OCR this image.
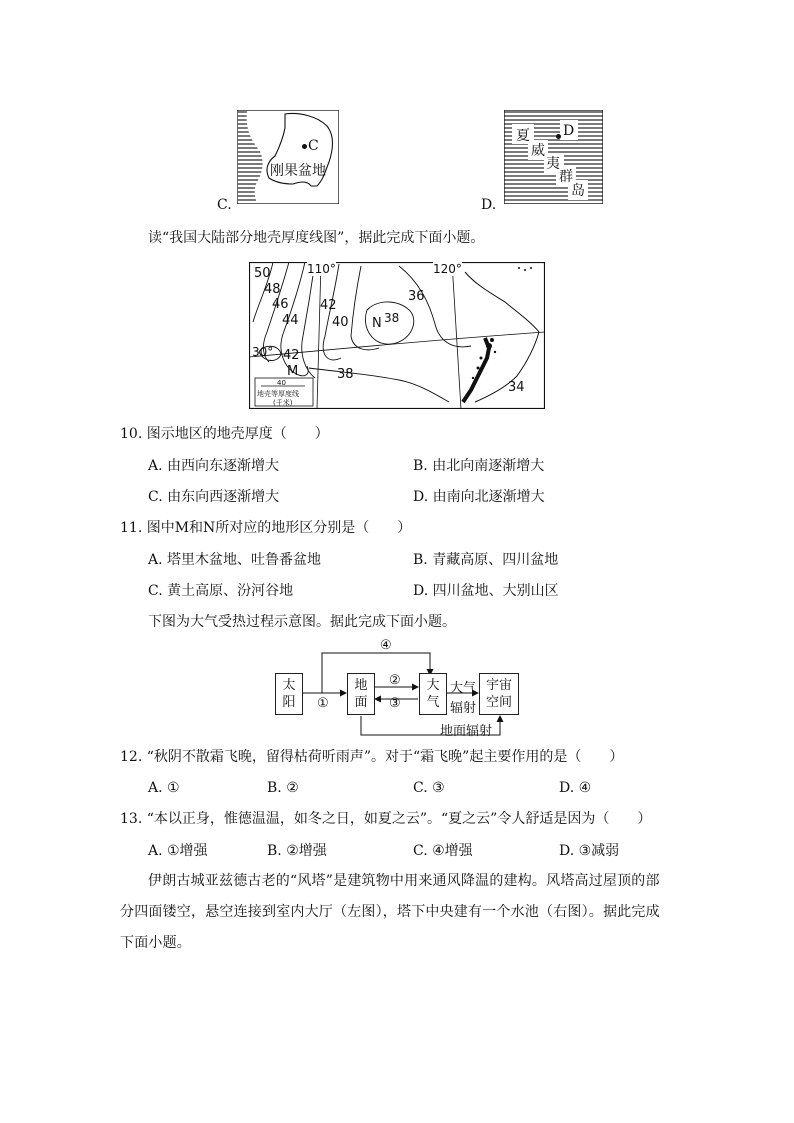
C
刚果盆地
C.
D
夏
威
夷
群
岛
D.
读“我国大陆部分地壳厚度线图”，据此完成下面小题。
50
48
46
44
42
40	38
36
34
38
42
110°	120°
30°
N
M
40
地壳等厚度线
(千米)
10. 图示地区的地壳厚度（　　）
A. 由西向东逐渐增大	B. 由北向南逐渐增大
C. 由东向西逐渐增大	D. 由南向北逐渐增大
11. 图中M和N所对应的地形区分别是（　　）
A. 塔里木盆地、吐鲁番盆地	B. 青藏高原、四川盆地
C. 黄土高原、汾河谷地	D. 四川盆地、大别山区
下图为大气受热过程示意图。据此完成下面小题。
太阳
地面
大气
宇宙空间
①
②
③
④
大气
辐射
地面辐射
12. “秋阴不散霜飞晚，留得枯荷听雨声”。对于“霜飞晚”起主要作用的是（　　）
A. ①	B. ②	C. ③	D. ④
13. “本以正身，惟德温温，如冬之日，如夏之云”。“夏之云”令人舒适是因为（　　）
A. ①增强	B. ②增强	C. ④增强	D. ③减弱
伊朗古城亚兹德古老的“风塔”是建筑物中用来通风降温的建构。风塔高过屋顶的部分四面镂空，悬空连接到室内大厅（左图），塔下中央建有一个水池（右图）。据此完成下面小题。
